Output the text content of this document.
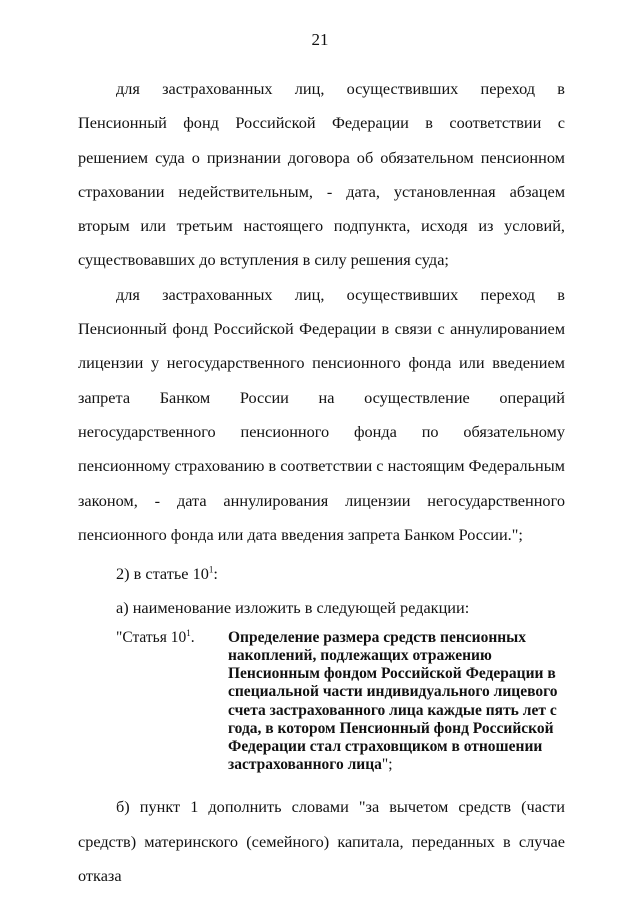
21

для застрахованных лиц, осуществивших переход в Пенсионный фонд Российской Федерации в соответствии с решением суда о признании договора об обязательном пенсионном страховании недействительным, - дата, установленная абзацем вторым или третьим настоящего подпункта, исходя из условий, существовавших до вступления в силу решения суда;

для застрахованных лиц, осуществивших переход в Пенсионный фонд Российской Федерации в связи с аннулированием лицензии у негосударственного пенсионного фонда или введением запрета Банком России на осуществление операций негосударственного пенсионного фонда по обязательному пенсионному страхованию в соответствии с настоящим Федеральным законом, - дата аннулирования лицензии негосударственного пенсионного фонда или дата введения запрета Банком России.";

2) в статье $10^1$:

а) наименование изложить в следующей редакции:

"Статья $10^1$.	Определение размера средств пенсионных накоплений, подлежащих отражению Пенсионным фондом Российской Федерации в специальной части индивидуального лицевого счета застрахованного лица каждые пять лет с года, в котором Пенсионный фонд Российской Федерации стал страховщиком в отношении застрахованного лица";

б) пункт 1 дополнить словами "за вычетом средств (части средств) материнского (семейного) капитала, переданных в случае отказа
